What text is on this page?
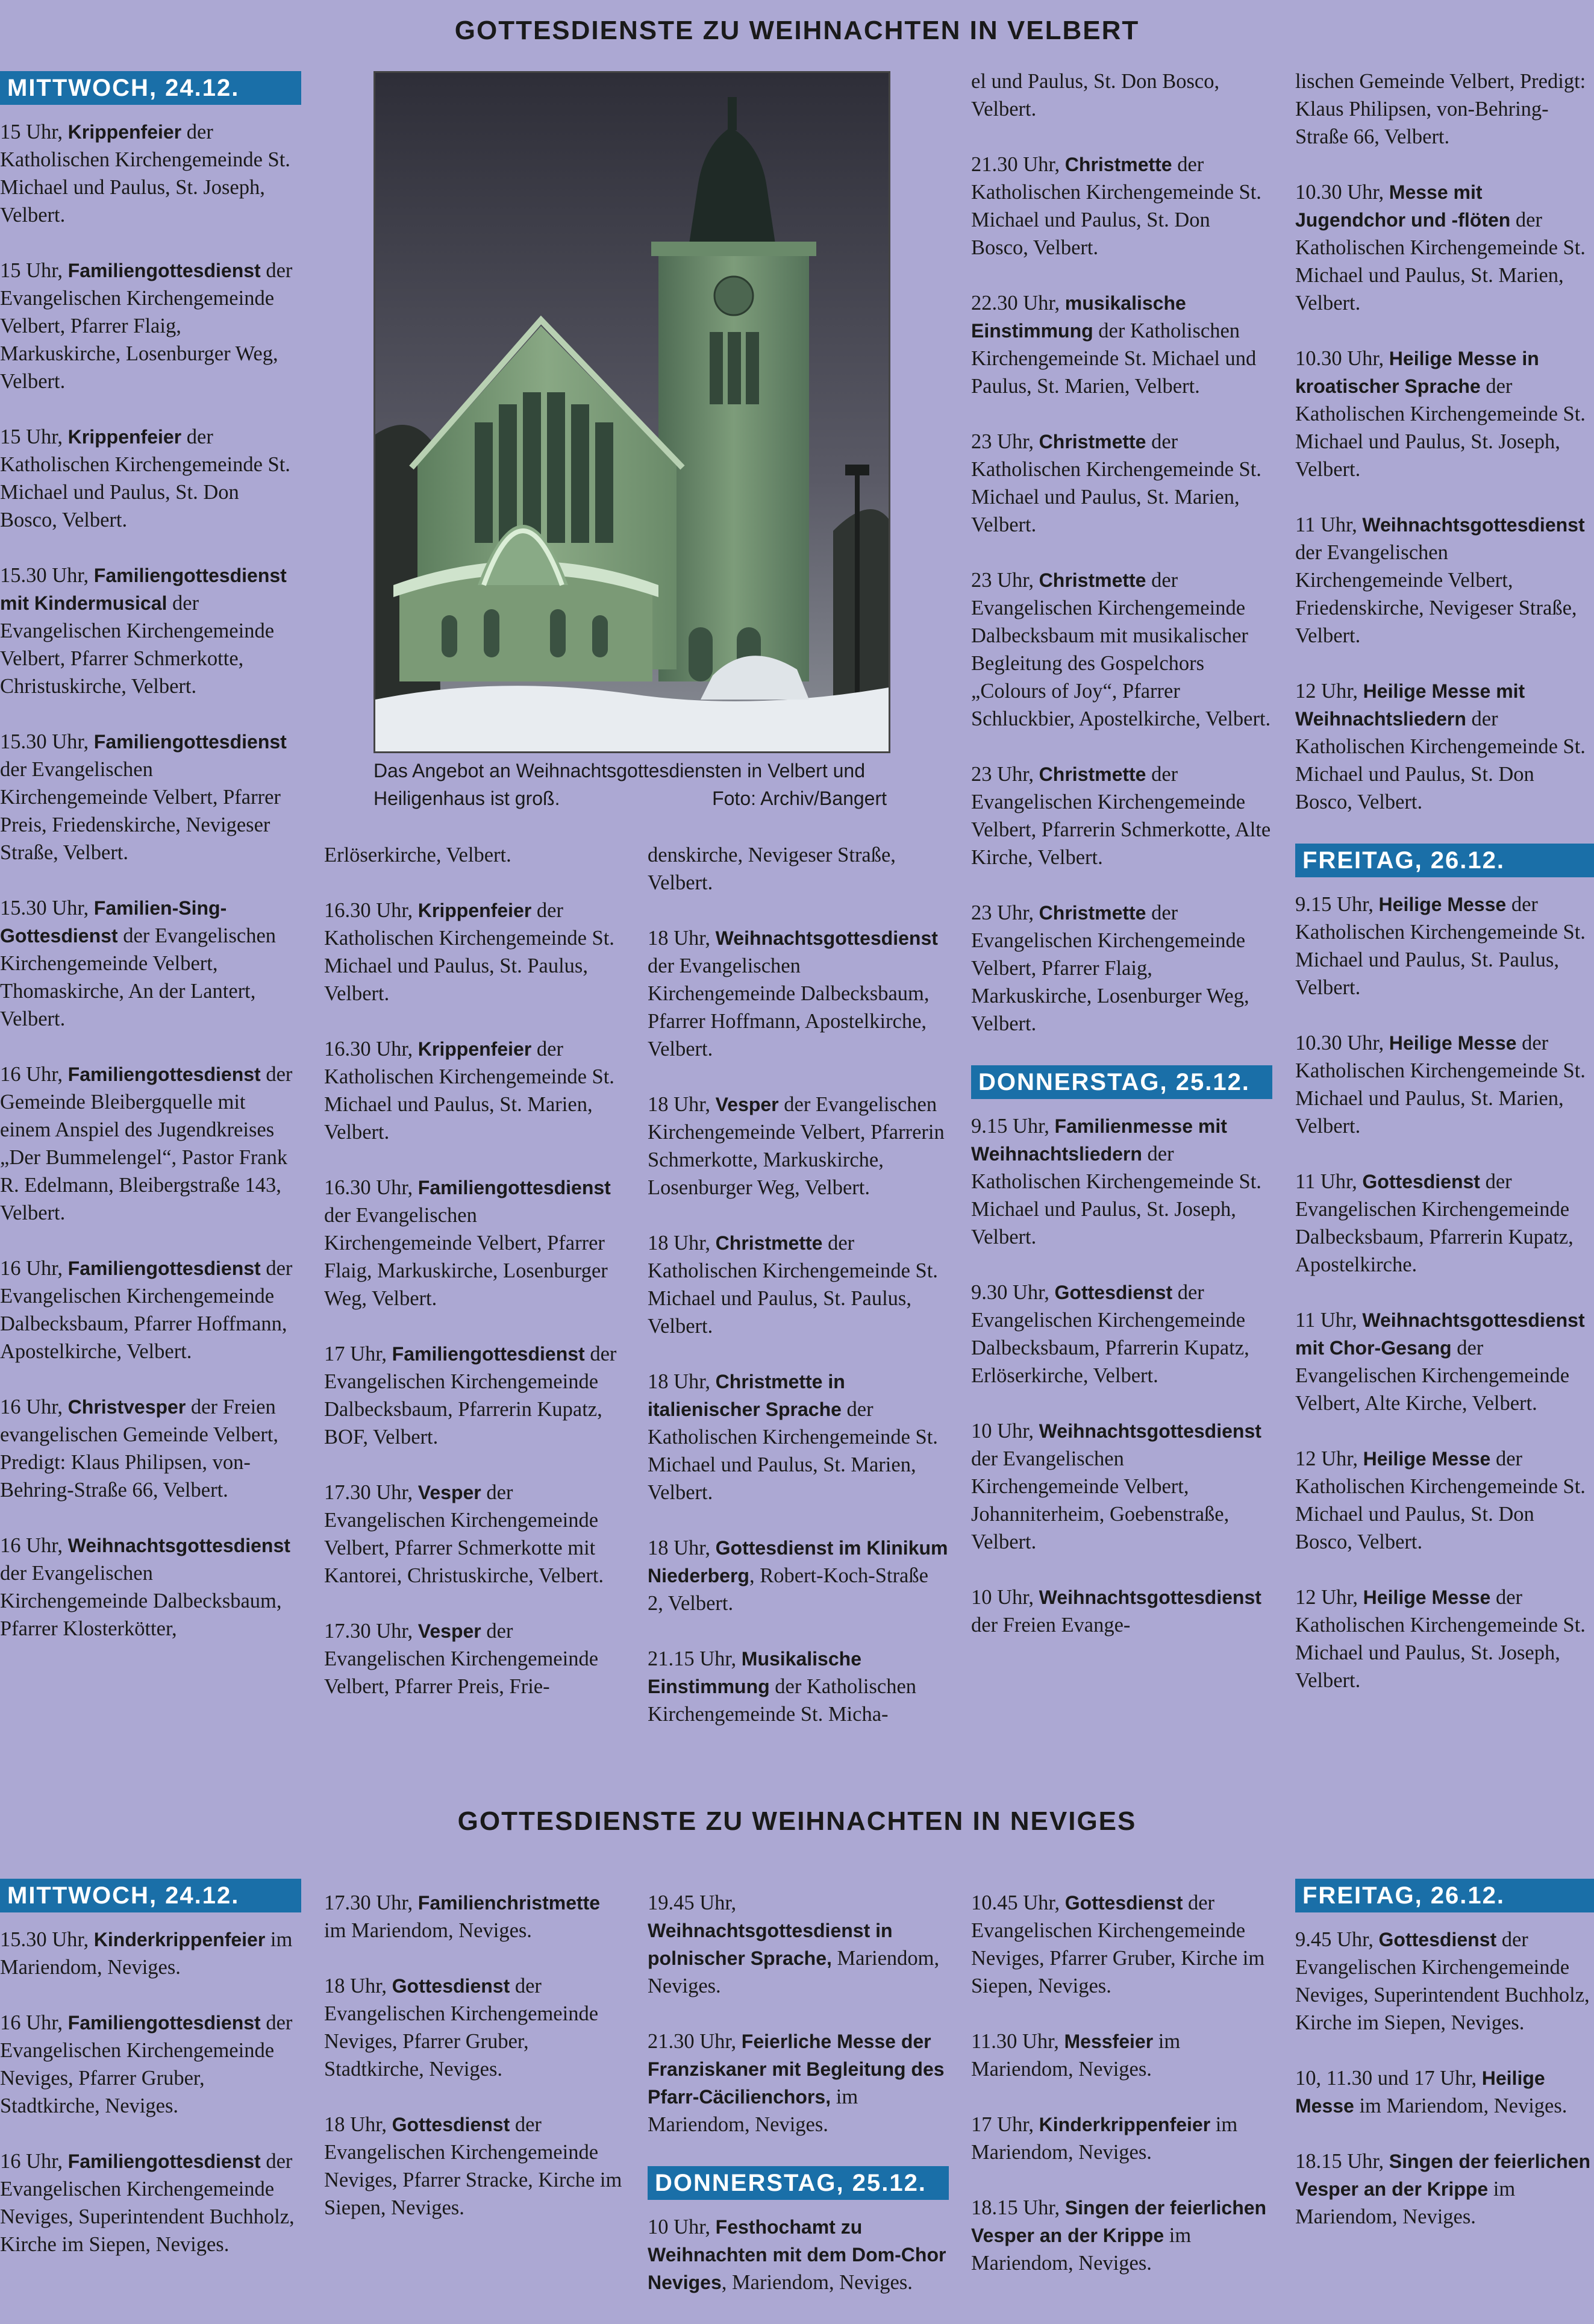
GOTTESDIENSTE ZU WEIHNACHTEN IN VELBERT
MITTWOCH, 24.12.

15 Uhr, Krippenfeier der Katholischen Kirchengemeinde St. Michael und Paulus, St. Joseph, Velbert.

15 Uhr, Familiengottesdienst der Evangelischen Kirchengemeinde Velbert, Pfarrer Flaig, Markuskirche, Losenburger Weg, Velbert.

15 Uhr, Krippenfeier der Katholischen Kirchengemeinde St. Michael und Paulus, St. Don Bosco, Velbert.

15.30 Uhr, Familiengottesdienst mit Kindermusical der Evangelischen Kirchengemeinde Velbert, Pfarrer Schmerkotte, Christuskirche, Velbert.

15.30 Uhr, Familiengottesdienst der Evangelischen Kirchengemeinde Velbert, Pfarrer Preis, Friedenskirche, Nevigeser Straße, Velbert.

15.30 Uhr, Familien-Sing-Gottesdienst der Evangelischen Kirchengemeinde Velbert, Thomaskirche, An der Lantert, Velbert.

16 Uhr, Familiengottesdienst der Gemeinde Bleibergquelle mit einem Anspiel des Jugendkreises „Der Bummelengel“, Pastor Frank R. Edelmann, Bleibergstraße 143, Velbert.

16 Uhr, Familiengottesdienst der Evangelischen Kirchengemeinde Dalbecksbaum, Pfarrer Hoffmann, Apostelkirche, Velbert.

16 Uhr, Christvesper der Freien evangelischen Gemeinde Velbert, Predigt: Klaus Philipsen, von-Behring-Straße 66, Velbert.

16 Uhr, Weihnachtsgottesdienst der Evangelischen Kirchengemeinde Dalbecksbaum, Pfarrer Klosterkötter,

Erlöserkirche, Velbert.

16.30 Uhr, Krippenfeier der Katholischen Kirchengemeinde St. Michael und Paulus, St. Paulus, Velbert.

16.30 Uhr, Krippenfeier der Katholischen Kirchengemeinde St. Michael und Paulus, St. Marien, Velbert.

16.30 Uhr, Familiengottesdienst der Evangelischen Kirchengemeinde Velbert, Pfarrer Flaig, Markuskirche, Losenburger Weg, Velbert.

17 Uhr, Familiengottesdienst der Evangelischen Kirchengemeinde Dalbecksbaum, Pfarrerin Kupatz, BOF, Velbert.

17.30 Uhr, Vesper der Evangelischen Kirchengemeinde Velbert, Pfarrer Schmerkotte mit Kantorei, Christuskirche, Velbert.

17.30 Uhr, Vesper der Evangelischen Kirchengemeinde Velbert, Pfarrer Preis, Frie-

denskirche, Nevigeser Straße, Velbert.

18 Uhr, Weihnachtsgottesdienst der Evangelischen Kirchengemeinde Dalbecksbaum, Pfarrer Hoffmann, Apostelkirche, Velbert.

18 Uhr, Vesper der Evangelischen Kirchengemeinde Velbert, Pfarrerin Schmerkotte, Markuskirche, Losenburger Weg, Velbert.

18 Uhr, Christmette der Katholischen Kirchengemeinde St. Michael und Paulus, St. Paulus, Velbert.

18 Uhr, Christmette in italienischer Sprache der Katholischen Kirchengemeinde St. Michael und Paulus, St. Marien, Velbert.

18 Uhr, Gottesdienst im Klinikum Niederberg, Robert-Koch-Straße 2, Velbert.

21.15 Uhr, Musikalische Einstimmung der Katholischen Kirchengemeinde St. Micha-

el und Paulus, St. Don Bosco, Velbert.

21.30 Uhr, Christmette der Katholischen Kirchengemeinde St. Michael und Paulus, St. Don Bosco, Velbert.

22.30 Uhr, musikalische Einstimmung der Katholischen Kirchengemeinde St. Michael und Paulus, St. Marien, Velbert.

23 Uhr, Christmette der Katholischen Kirchengemeinde St. Michael und Paulus, St. Marien, Velbert.

23 Uhr, Christmette der Evangelischen Kirchengemeinde Dalbecksbaum mit musikalischer Begleitung des Gospelchors „Colours of Joy“, Pfarrer Schluckbier, Apostelkirche, Velbert.

23 Uhr, Christmette der Evangelischen Kirchengemeinde Velbert, Pfarrerin Schmerkotte, Alte Kirche, Velbert.

23 Uhr, Christmette der Evangelischen Kirchengemeinde Velbert, Pfarrer Flaig, Markuskirche, Losenburger Weg, Velbert.

DONNERSTAG, 25.12.

9.15 Uhr, Familienmesse mit Weihnachtsliedern der Katholischen Kirchengemeinde St. Michael und Paulus, St. Joseph, Velbert.

9.30 Uhr, Gottesdienst der Evangelischen Kirchengemeinde Dalbecksbaum, Pfarrerin Kupatz, Erlöserkirche, Velbert.

10 Uhr, Weihnachtsgottesdienst der Evangelischen Kirchengemeinde Velbert, Johanniterheim, Goebenstraße, Velbert.

10 Uhr, Weihnachtsgottesdienst der Freien Evange-

lischen Gemeinde Velbert, Predigt: Klaus Philipsen, von-Behring-Straße 66, Velbert.

10.30 Uhr, Messe mit Jugendchor und -flöten der Katholischen Kirchengemeinde St. Michael und Paulus, St. Marien, Velbert.

10.30 Uhr, Heilige Messe in kroatischer Sprache der Katholischen Kirchengemeinde St. Michael und Paulus, St. Joseph, Velbert.

11 Uhr, Weihnachtsgottesdienst der Evangelischen Kirchengemeinde Velbert, Friedenskirche, Nevigeser Straße, Velbert.

12 Uhr, Heilige Messe mit Weihnachtsliedern der Katholischen Kirchengemeinde St. Michael und Paulus, St. Don Bosco, Velbert.

FREITAG, 26.12.

9.15 Uhr, Heilige Messe der Katholischen Kirchengemeinde St. Michael und Paulus, St. Paulus, Velbert.

10.30 Uhr, Heilige Messe der Katholischen Kirchengemeinde St. Michael und Paulus, St. Marien, Velbert.

11 Uhr, Gottesdienst der Evangelischen Kirchengemeinde Dalbecksbaum, Pfarrerin Kupatz, Apostelkirche.

11 Uhr, Weihnachtsgottesdienst mit Chor-Gesang der Evangelischen Kirchengemeinde Velbert, Alte Kirche, Velbert.

12 Uhr, Heilige Messe der Katholischen Kirchengemeinde St. Michael und Paulus, St. Don Bosco, Velbert.

12 Uhr, Heilige Messe der Katholischen Kirchengemeinde St. Michael und Paulus, St. Joseph, Velbert.

Das Angebot an Weihnachtsgottesdiensten in Velbert und Heiligenhaus ist groß.	Foto: Archiv/Bangert
GOTTESDIENSTE ZU WEIHNACHTEN IN NEVIGES
MITTWOCH, 24.12.

15.30 Uhr, Kinderkrippenfeier im Mariendom, Neviges.

16 Uhr, Familiengottesdienst der Evangelischen Kirchengemeinde Neviges, Pfarrer Gruber, Stadtkirche, Neviges.

16 Uhr, Familiengottesdienst der Evangelischen Kirchengemeinde Neviges, Superintendent Buchholz, Kirche im Siepen, Neviges.

17.30 Uhr, Familienchristmette im Mariendom, Neviges.

18 Uhr, Gottesdienst der Evangelischen Kirchengemeinde Neviges, Pfarrer Gruber, Stadtkirche, Neviges.

18 Uhr, Gottesdienst der Evangelischen Kirchengemeinde Neviges, Pfarrer Stracke, Kirche im Siepen, Neviges.

19.45 Uhr, Weihnachtsgottesdienst in polnischer Sprache, Mariendom, Neviges.

21.30 Uhr, Feierliche Messe der Franziskaner mit Begleitung des Pfarr-Cäcilienchors, im Mariendom, Neviges.

DONNERSTAG, 25.12.

10 Uhr, Festhochamt zu Weihnachten mit dem Dom-Chor Neviges, Mariendom, Neviges.

10.45 Uhr, Gottesdienst der Evangelischen Kirchengemeinde Neviges, Pfarrer Gruber, Kirche im Siepen, Neviges.

11.30 Uhr, Messfeier im Mariendom, Neviges.

17 Uhr, Kinderkrippenfeier im Mariendom, Neviges.

18.15 Uhr, Singen der feierlichen Vesper an der Krippe im Mariendom, Neviges.

FREITAG, 26.12.

9.45 Uhr, Gottesdienst der Evangelischen Kirchengemeinde Neviges, Superintendent Buchholz, Kirche im Siepen, Neviges.

10, 11.30 und 17 Uhr, Heilige Messe im Mariendom, Neviges.

18.15 Uhr, Singen der feierlichen Vesper an der Krippe im Mariendom, Neviges.
